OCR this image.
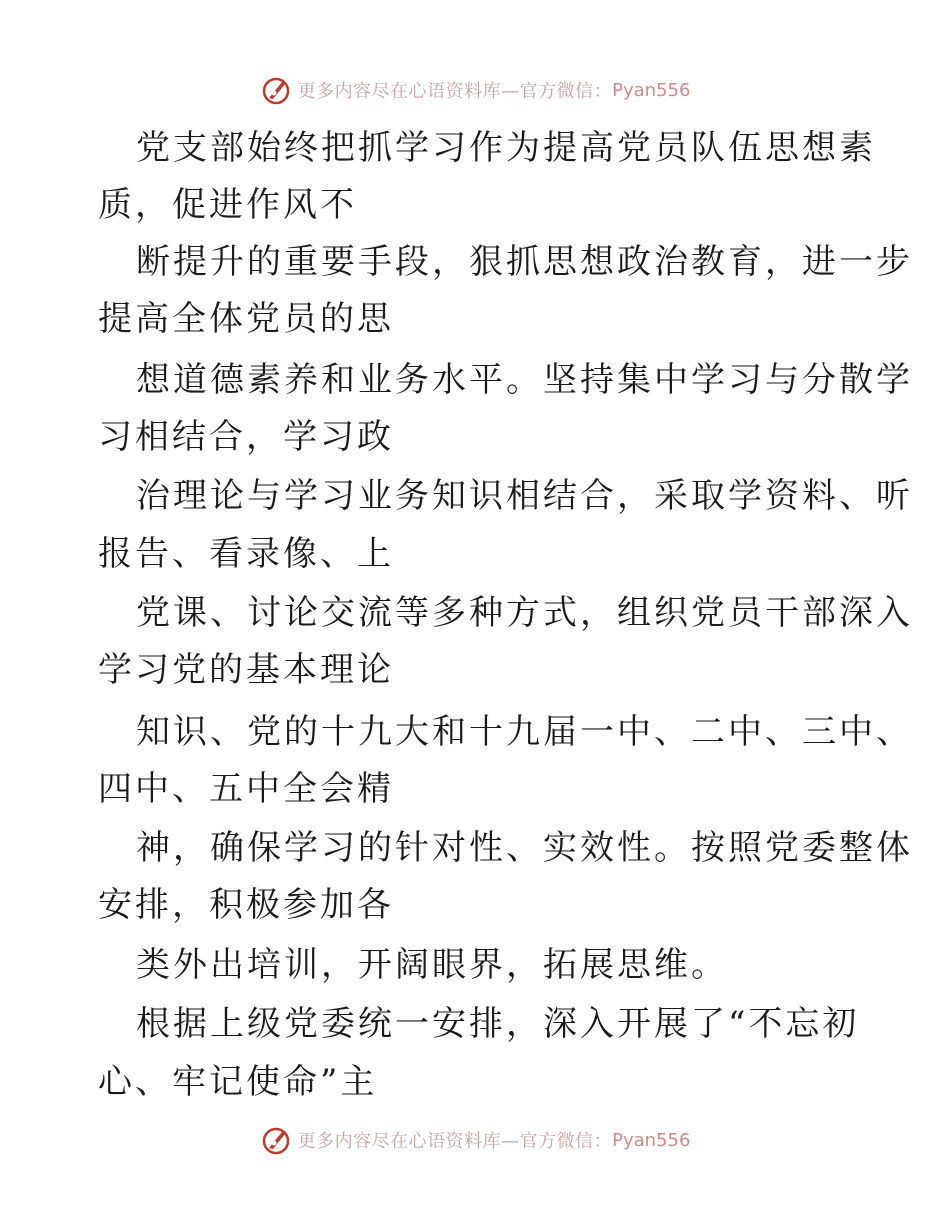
更多内容尽在心语资料库—官方微信： Pyan556
党支部始终把抓学习作为提高党员队伍思想素
质，促进作风不
断提升的重要手段，狠抓思想政治教育，进一步
提高全体党员的思
想道德素养和业务水平。坚持集中学习与分散学
习相结合，学习政
治理论与学习业务知识相结合，采取学资料、听
报告、看录像、上
党课、讨论交流等多种方式，组织党员干部深入
学习党的基本理论
知识、党的十九大和十九届一中、二中、三中、
四中、五中全会精
神，确保学习的针对性、实效性。按照党委整体
安排，积极参加各
类外出培训，开阔眼界，拓展思维。
根据上级党委统一安排，深入开展了“不忘初
心、牢记使命”主
更多内容尽在心语资料库—官方微信： Pyan556
